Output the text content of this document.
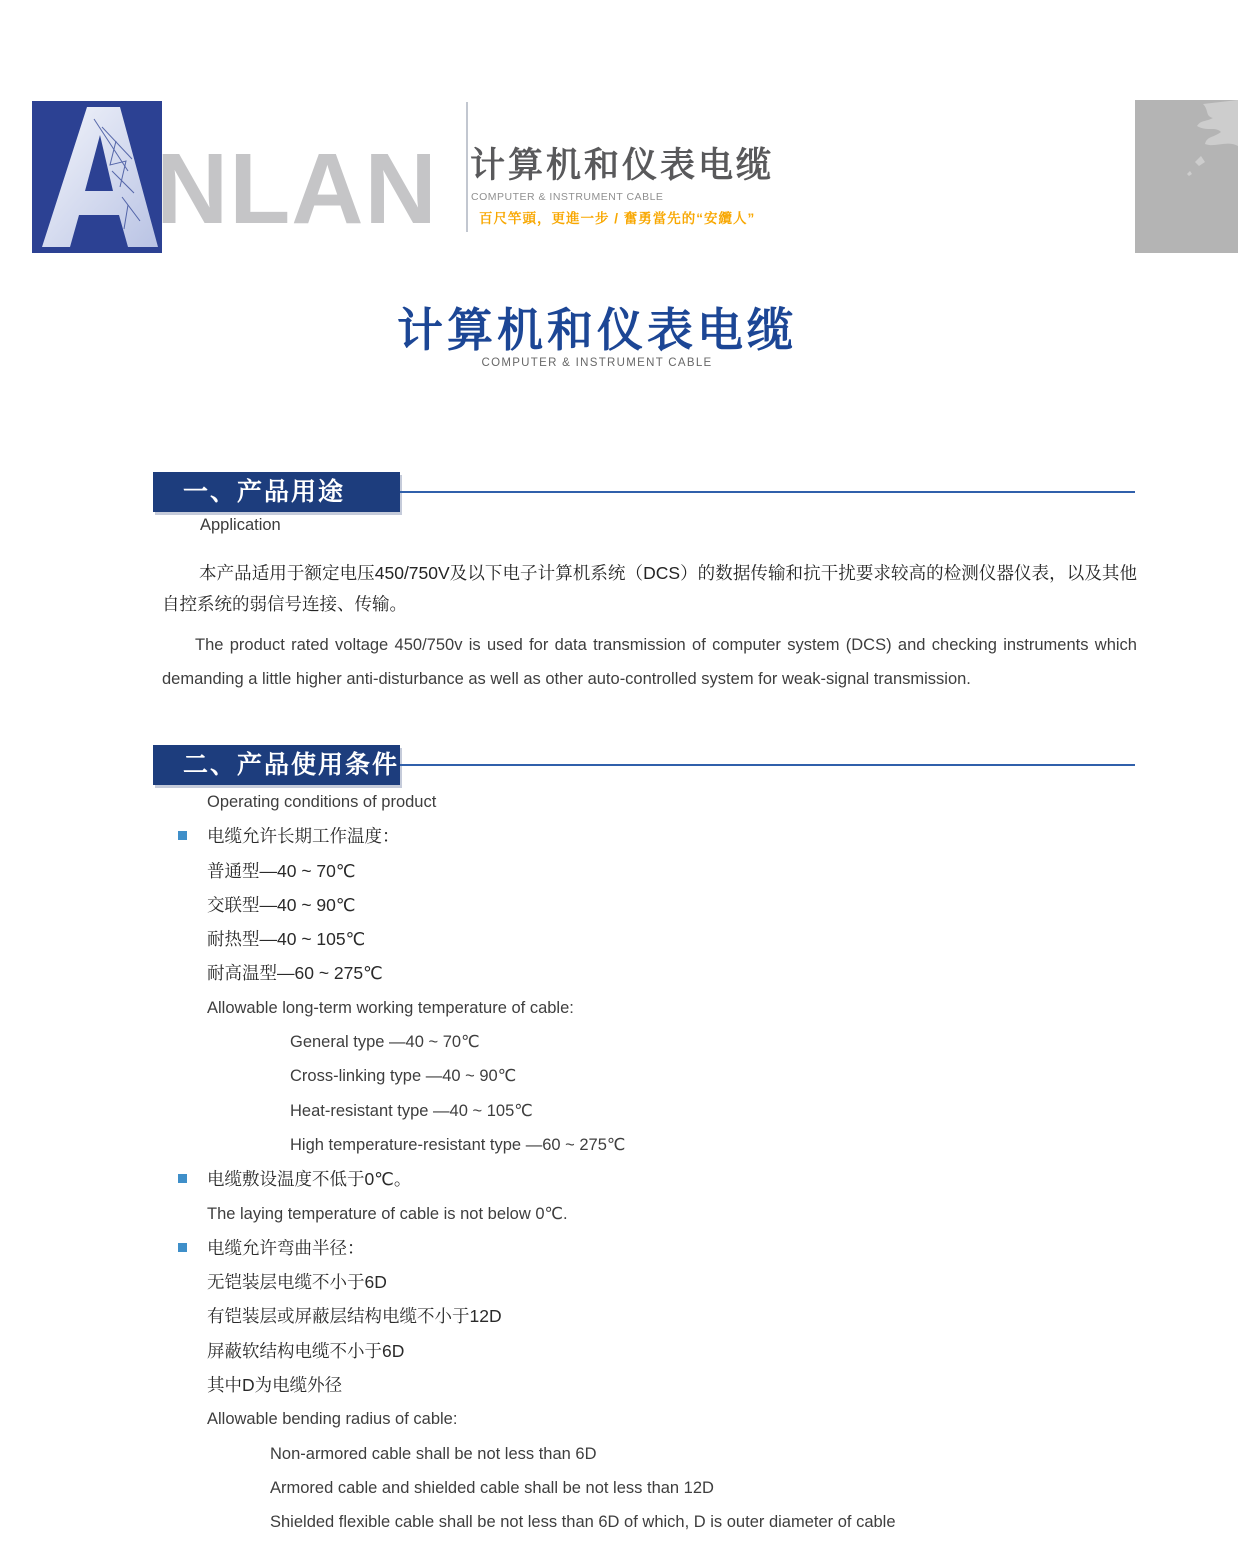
NLAN 计算机和仪表电缆
COMPUTER & INSTRUMENT CABLE
百尺竿頭，更進一步 / 奮勇當先的“安纜人”
计算机和仪表电缆
COMPUTER & INSTRUMENT CABLE
一、产品用途
Application
本产品适用于额定电压450/750V及以下电子计算机系统（DCS）的数据传输和抗干扰要求较高的检测仪器仪表，以及其他自控系统的弱信号连接、传输。
The product rated voltage 450/750v is used for data transmission of computer system (DCS) and checking instruments which demanding a little higher anti-disturbance as well as other auto-controlled system for weak-signal transmission.
二、产品使用条件
Operating conditions of product
电缆允许长期工作温度：
普通型—40 ~ 70℃
交联型—40 ~ 90℃
耐热型—40 ~ 105℃
耐高温型—60 ~ 275℃
Allowable long-term working temperature of cable:
General type —40 ~ 70℃
Cross-linking type —40 ~ 90℃
Heat-resistant type —40 ~ 105℃
High temperature-resistant type —60 ~ 275℃
电缆敷设温度不低于0℃。
The laying temperature of cable is not below 0℃.
电缆允许弯曲半径：
无铠装层电缆不小于6D
有铠装层或屏蔽层结构电缆不小于12D
屏蔽软结构电缆不小于6D
其中D为电缆外径
Allowable bending radius of cable:
Non-armored cable shall be not less than 6D
Armored cable and shielded cable shall be not less than 12D
Shielded flexible cable shall be not less than 6D of which, D is outer diameter of cable
